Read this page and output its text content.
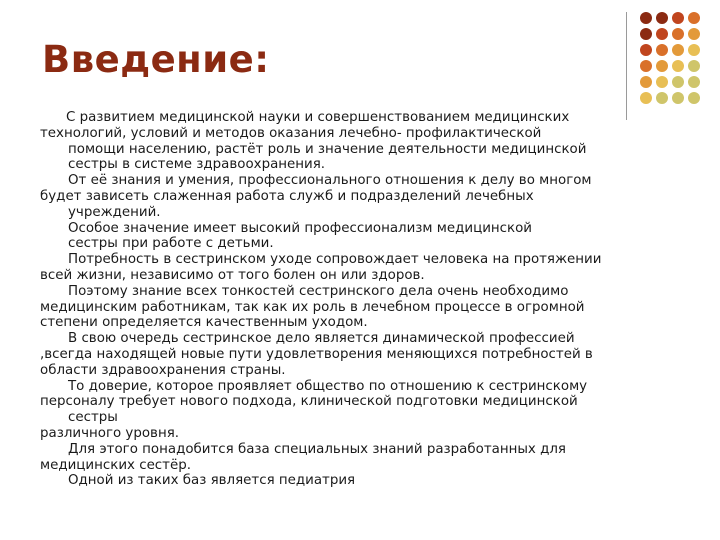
Введение:
С развитием медицинской науки и совершенствованием медицинских
технологий, условий и методов оказания лечебно- профилактической
помощи населению, растёт роль и значение деятельности медицинской
сестры в системе здравоохранения.
От её знания и умения, профессионального отношения к делу во многом
будет зависеть слаженная работа служб и подразделений лечебных
учреждений.
Особое значение имеет высокий профессионализм медицинской
сестры при работе с детьми.
Потребность в сестринском уходе сопровождает человека на протяжении
всей жизни, независимо от того болен он или здоров.
Поэтому знание всех тонкостей сестринского дела очень необходимо
медицинским работникам, так как их роль в лечебном процессе в огромной
степени определяется качественным уходом.
В свою очередь сестринское дело является динамической профессией
,всегда находящей новые пути удовлетворения меняющихся потребностей в
области здравоохранения страны.
То доверие, которое проявляет общество по отношению к сестринскому
персоналу требует нового подхода, клинической подготовки медицинской
сестры
различного уровня.
Для этого понадобится база специальных знаний разработанных для
медицинских сестёр.
Одной из таких баз является педиатрия
